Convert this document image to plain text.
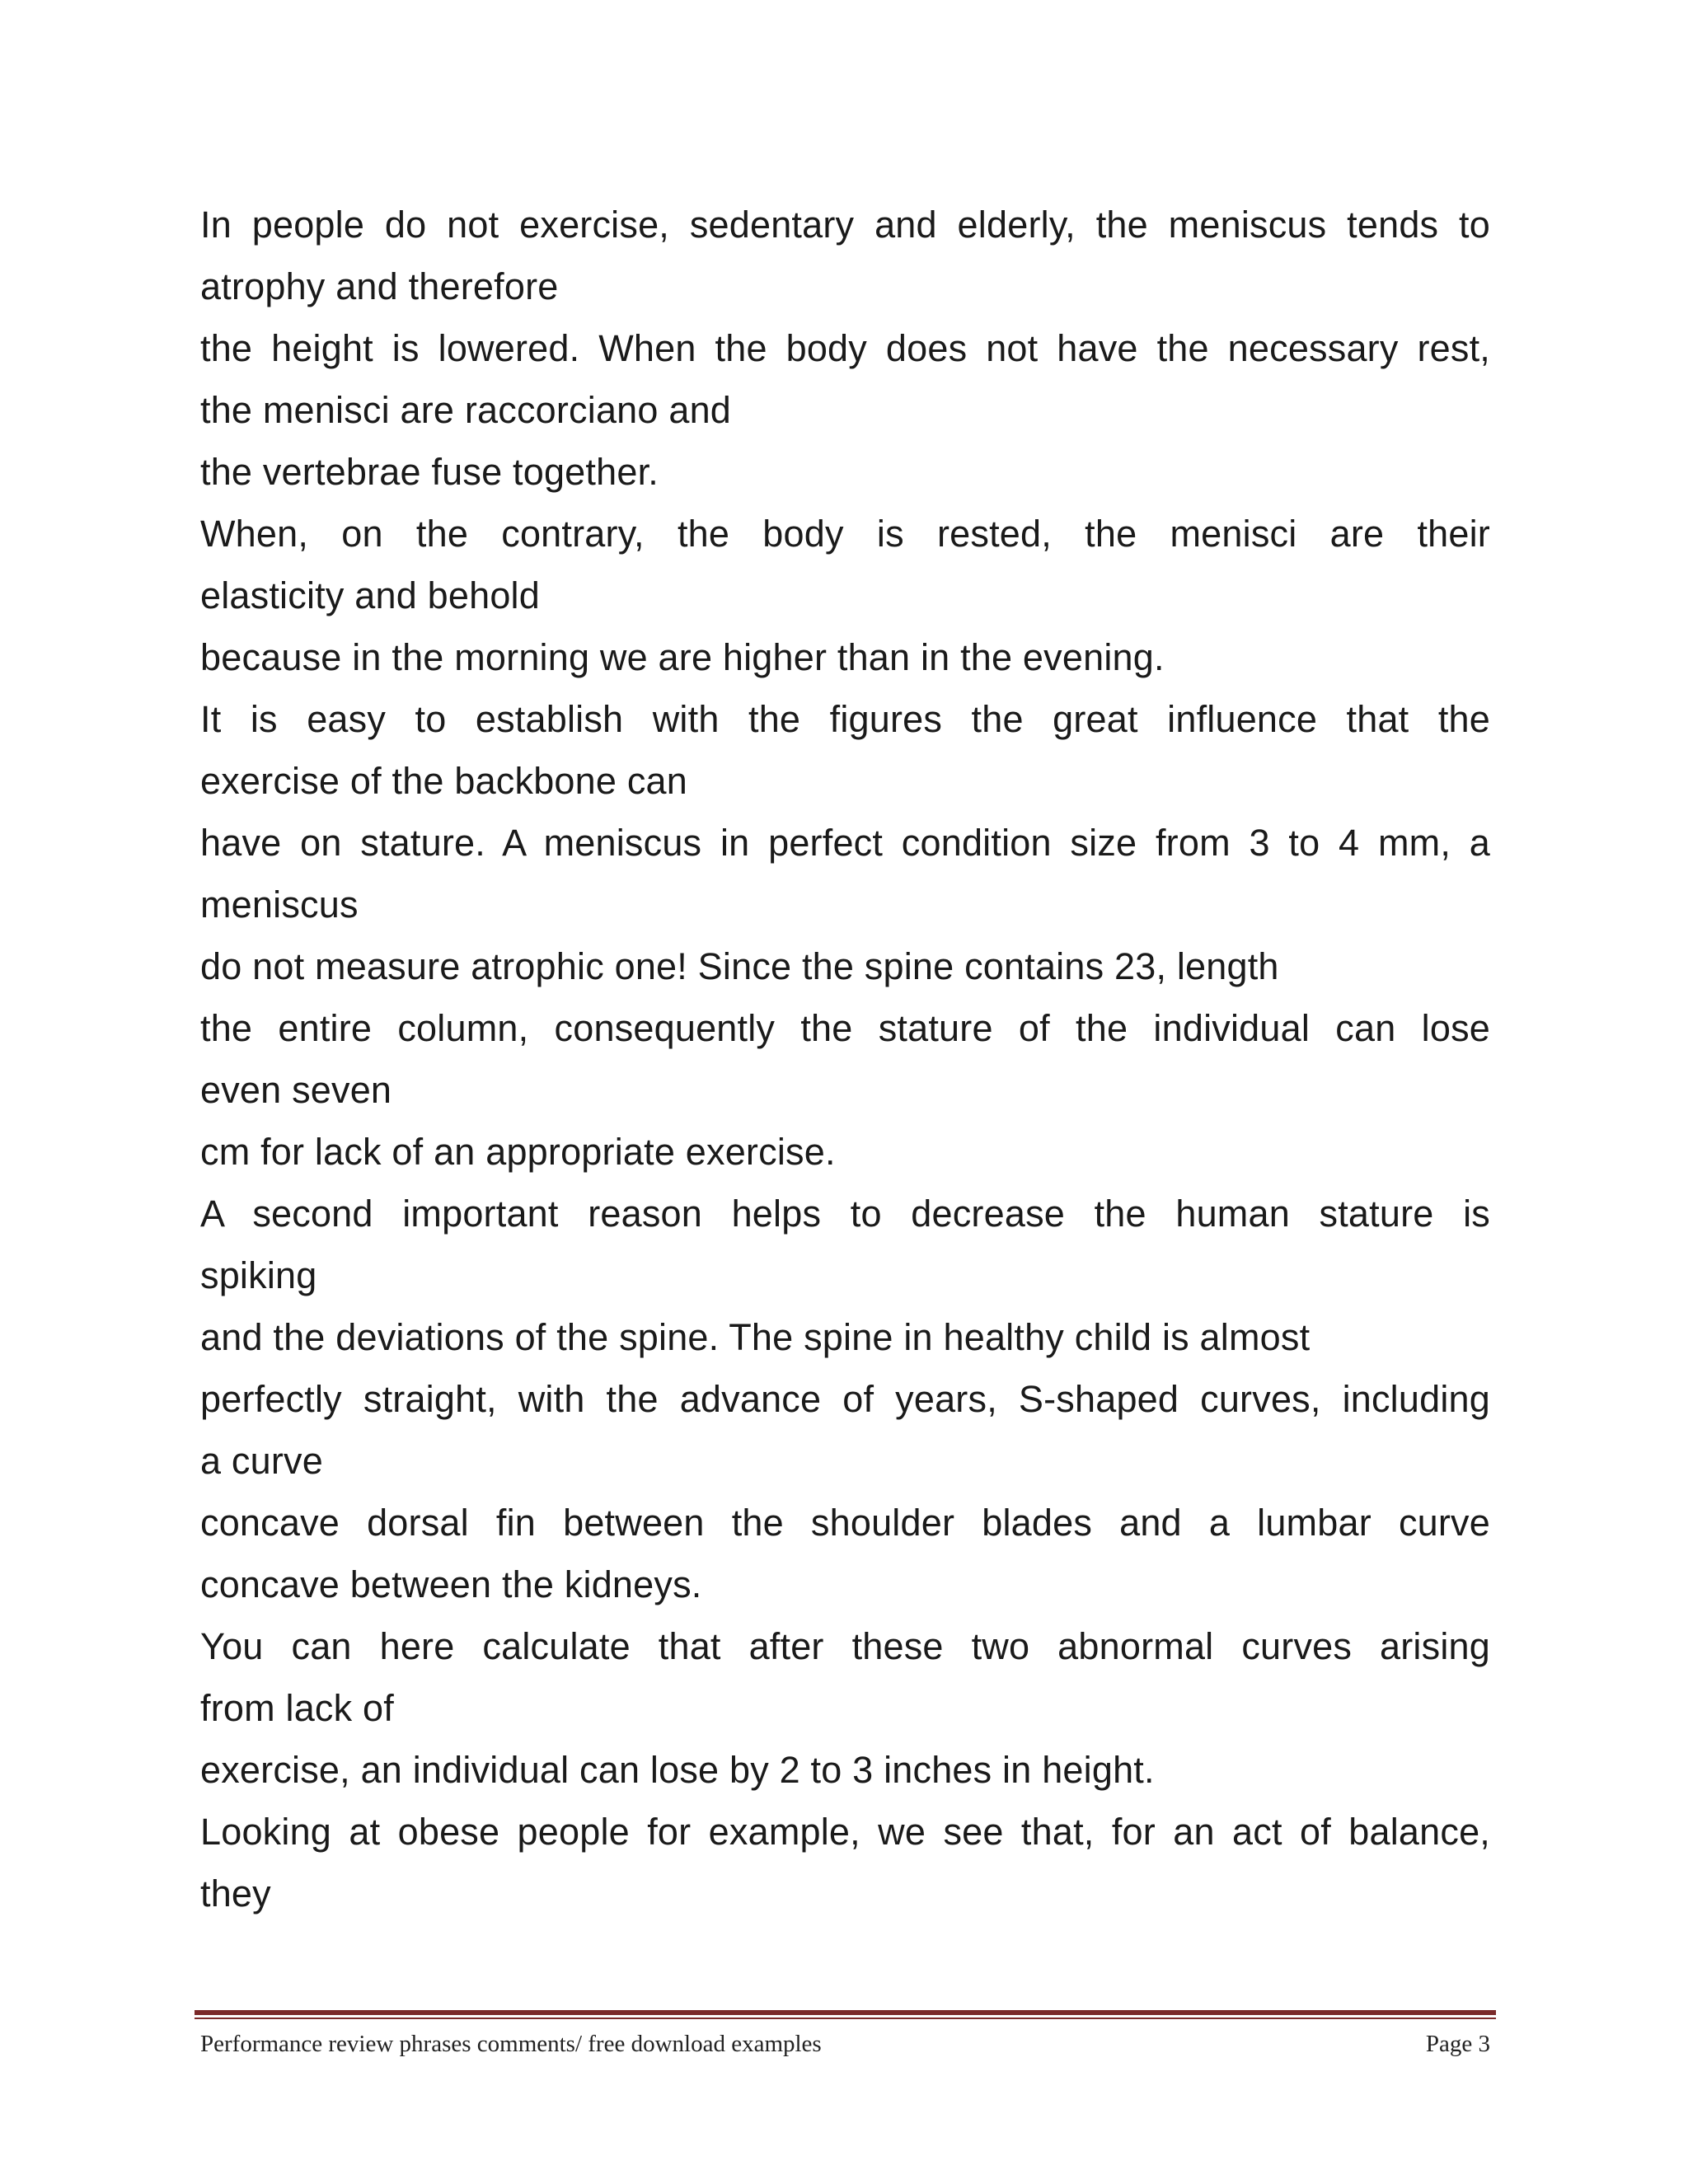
In people do not exercise, sedentary and elderly, the meniscus tends to
atrophy and therefore
the height is lowered. When the body does not have the necessary rest,
the menisci are raccorciano and
the vertebrae fuse together.
When, on the contrary, the body is rested, the menisci are their
elasticity and behold
because in the morning we are higher than in the evening.
It is easy to establish with the figures the great influence that the
exercise of the backbone can
have on stature. A meniscus in perfect condition size from 3 to 4 mm, a
meniscus
do not measure atrophic one! Since the spine contains 23, length
the entire column, consequently the stature of the individual can lose
even seven
cm for lack of an appropriate exercise.
A second important reason helps to decrease the human stature is
spiking
and the deviations of the spine. The spine in healthy child is almost
perfectly straight, with the advance of years, S-shaped curves, including
a curve
concave dorsal fin between the shoulder blades and a lumbar curve
concave between the kidneys.
You can here calculate that after these two abnormal curves arising
from lack of
exercise, an individual can lose by 2 to 3 inches in height.
Looking at obese people for example, we see that, for an act of balance,
they
Performance review phrases comments/ free download examples	Page 3
